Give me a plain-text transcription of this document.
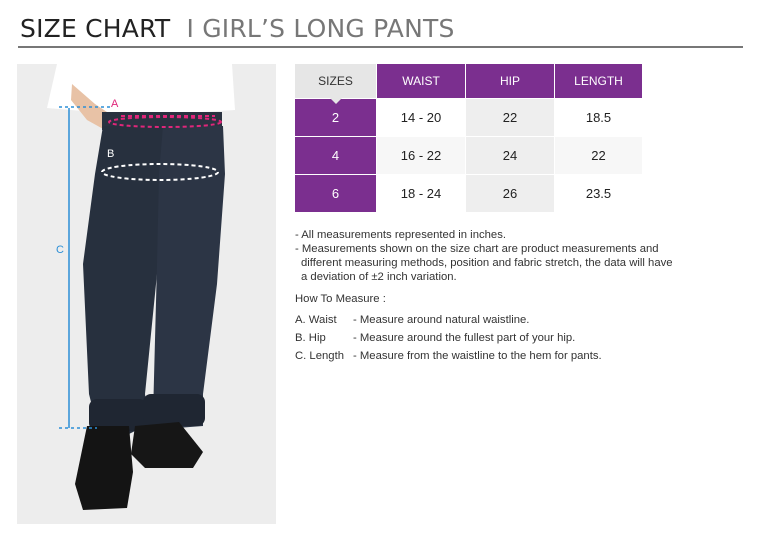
SIZE CHART I GIRL’S LONG PANTS
A
B
C
SIZES	WAIST	HIP	LENGTH
2	14 - 20	22	18.5
4	16 - 22	24	22
6	18 - 24	26	23.5

- All measurements represented in inches.

- Measurements shown on the size chart are product measurements and

different measuring methods, position and fabric stretch, the data will have

a deviation of ±2 inch variation.

How To Measure :
A. Waist	- Measure around natural waistline.
B. Hip	- Measure around the fullest part of your hip.
C. Length - Measure from the waistline to the hem for pants.
